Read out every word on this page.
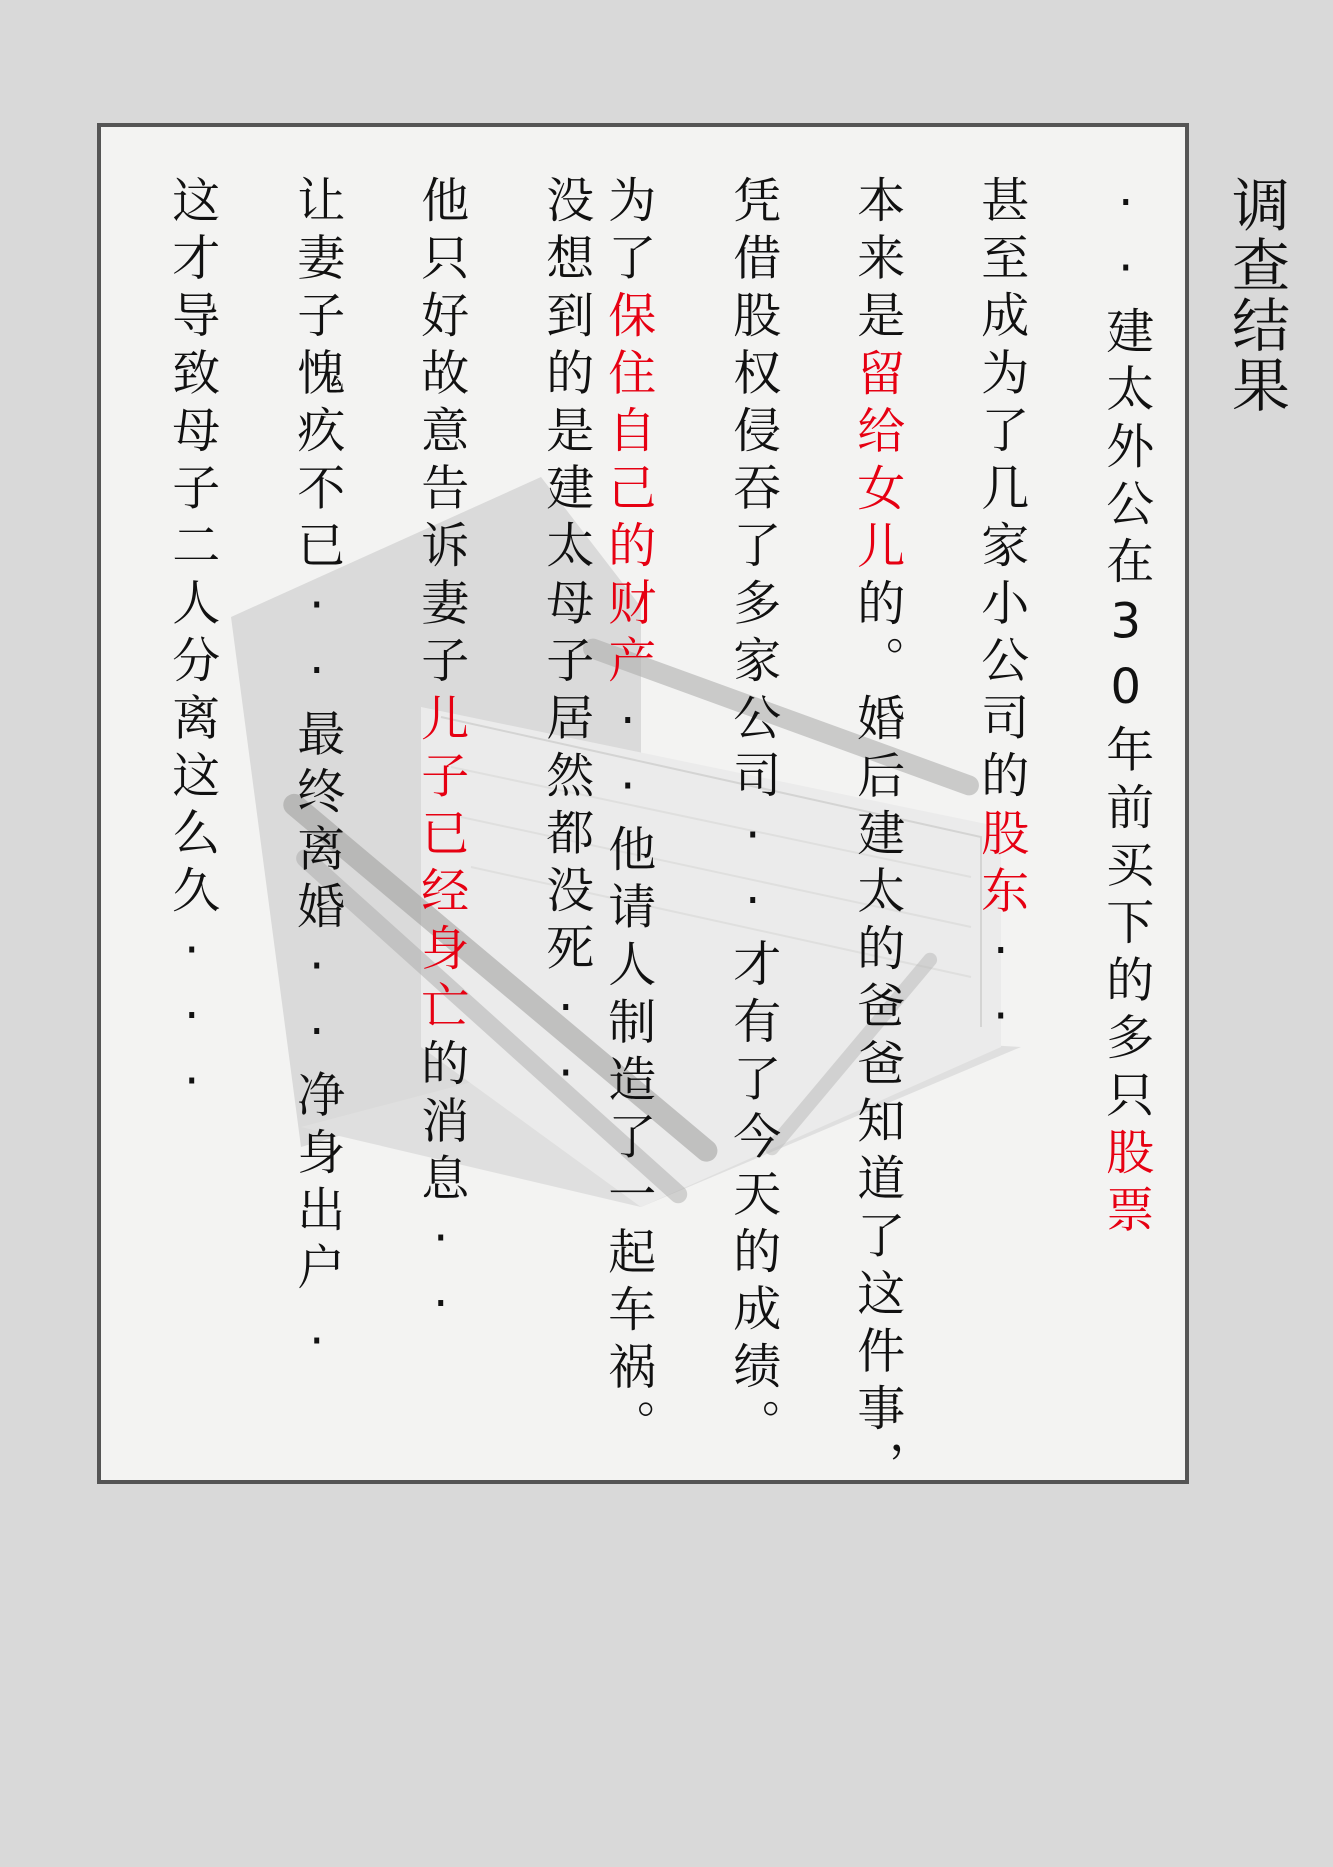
调查结果
··
建太外公在30年前买下的多只
股票
甚至成为了几家小公司的
股东
··
本来是
留给女儿
的。婚后建太的爸爸知道了这件事，
凭借股权侵吞了多家公司··才有了今天的成绩。
为了
保住自己的财产
··他请人制造了一起车祸。
没想到的是建太母子居然都没死··
他只好故意告诉妻子
儿子已经身亡
的消息··
让妻子愧疚不已··最终离婚··净身出户.
这才导致母子二人分离这么久···
